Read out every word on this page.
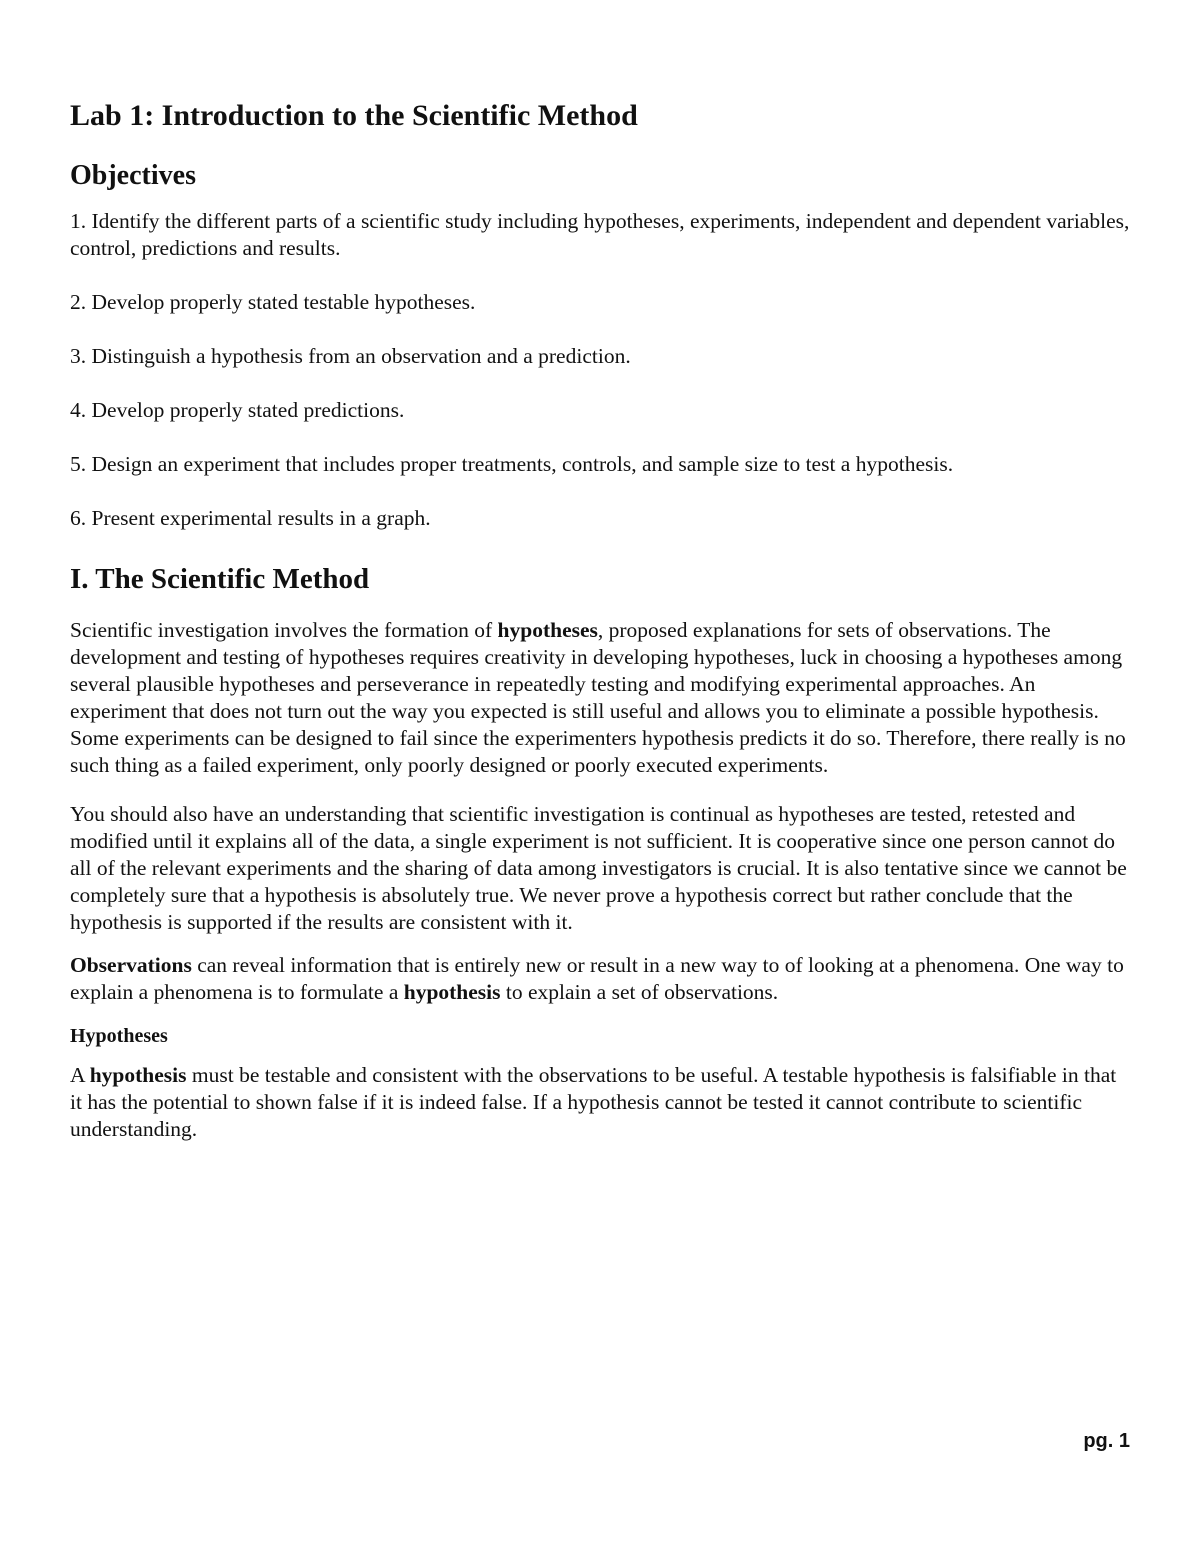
Lab 1: Introduction to the Scientific Method
Objectives
1. Identify the different parts of a scientific study including hypotheses, experiments, independent and dependent variables, control, predictions and results.
2. Develop properly stated testable hypotheses.
3. Distinguish a hypothesis from an observation and a prediction.
4. Develop properly stated predictions.
5. Design an experiment that includes proper treatments, controls, and sample size to test a hypothesis.
6. Present experimental results in a graph.
I. The Scientific Method

Scientific investigation involves the formation of hypotheses, proposed explanations for sets of observations. The development and testing of hypotheses requires creativity in developing hypotheses, luck in choosing a hypotheses among several plausible hypotheses and perseverance in repeatedly testing and modifying experimental approaches. An experiment that does not turn out the way you expected is still useful and allows you to eliminate a possible hypothesis. Some experiments can be designed to fail since the experimenters hypothesis predicts it do so. Therefore, there really is no such thing as a failed experiment, only poorly designed or poorly executed experiments.

You should also have an understanding that scientific investigation is continual as hypotheses are tested, retested and modified until it explains all of the data, a single experiment is not sufficient. It is cooperative since one person cannot do all of the relevant experiments and the sharing of data among investigators is crucial. It is also tentative since we cannot be completely sure that a hypothesis is absolutely true. We never prove a hypothesis correct but rather conclude that the hypothesis is supported if the results are consistent with it.

Observations can reveal information that is entirely new or result in a new way to of looking at a phenomena. One way to explain a phenomena is to formulate a hypothesis to explain a set of observations.

Hypotheses

A hypothesis must be testable and consistent with the observations to be useful. A testable hypothesis is falsifiable in that it has the potential to shown false if it is indeed false. If a hypothesis cannot be tested it cannot contribute to scientific understanding.

pg. 1
